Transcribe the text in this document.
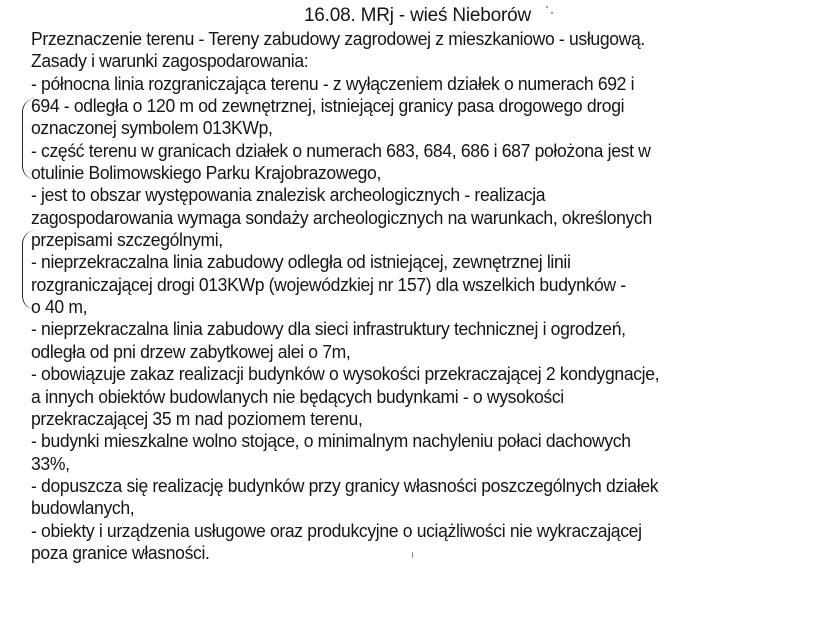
16.08. MRj - wieś Nieborów
Przeznaczenie terenu - Tereny zabudowy zagrodowej z mieszkaniowo - usługową.
Zasady i warunki zagospodarowania:
- północna linia rozgraniczająca terenu - z wyłączeniem działek o numerach 692 i
694 - odległa o 120 m od zewnętrznej, istniejącej granicy pasa drogowego drogi
oznaczonej symbolem 013KWp,
- część terenu w granicach działek o numerach 683, 684, 686 i 687 położona jest w
otulinie Bolimowskiego Parku Krajobrazowego,
- jest to obszar występowania znalezisk archeologicznych - realizacja
zagospodarowania wymaga sondaży archeologicznych na warunkach, określonych
przepisami szczególnymi,
- nieprzekraczalna linia zabudowy odległa od istniejącej, zewnętrznej linii
rozgraniczającej drogi 013KWp (wojewódzkiej nr 157) dla wszelkich budynków -
o 40 m,
- nieprzekraczalna linia zabudowy dla sieci infrastruktury technicznej i ogrodzeń,
odległa od pni drzew zabytkowej alei o 7m,
- obowiązuje zakaz realizacji budynków o wysokości przekraczającej 2 kondygnacje,
a innych obiektów budowlanych nie będących budynkami - o wysokości
przekraczającej 35 m nad poziomem terenu,
- budynki mieszkalne wolno stojące, o minimalnym nachyleniu połaci dachowych
33%,
- dopuszcza się realizację budynków przy granicy własności poszczególnych działek
budowlanych,
- obiekty i urządzenia usługowe oraz produkcyjne o uciążliwości nie wykraczającej
poza granice własności.
